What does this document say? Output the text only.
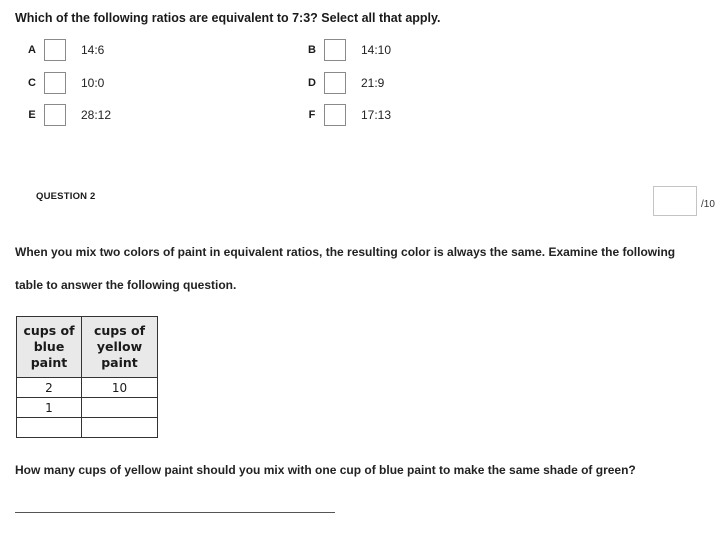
Which of the following ratios are equivalent to 7:3? Select all that apply.
A	14:6	B	14:10
C	10:0	D	21:9
E	28:12	F	17:13
QUESTION 2
/10
When you mix two colors of paint in equivalent ratios, the resulting color is always the same. Examine the following
table to answer the following question.
cups of blue paint	cups of yellow paint
2	10
1	

How many cups of yellow paint should you mix with one cup of blue paint to make the same shade of green?
